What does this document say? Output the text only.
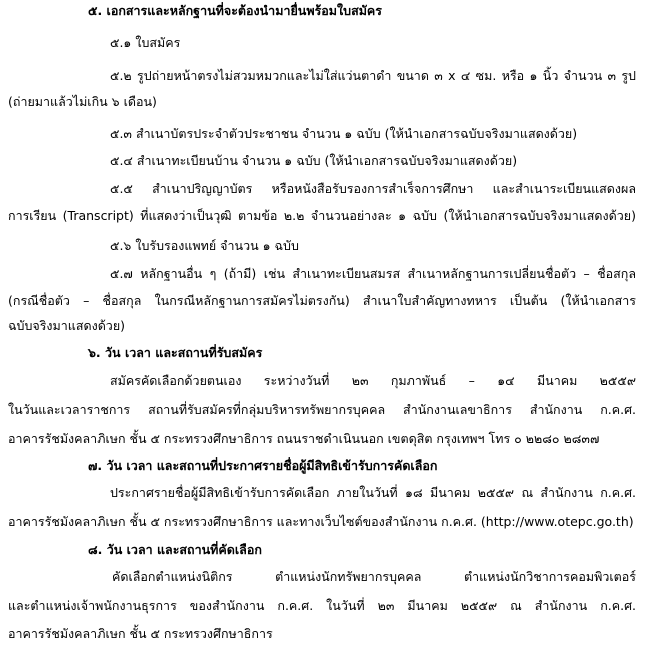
๕. เอกสารและหลักฐานที่จะต้องนำมายื่นพร้อมใบสมัคร
๕.๑ ใบสมัคร
๕.๒ รูปถ่ายหน้าตรงไม่สวมหมวกและไม่ใส่แว่นตาดำ ขนาด ๓ x ๔ ซม. หรือ ๑ นิ้ว จำนวน ๓ รูป
(ถ่ายมาแล้วไม่เกิน ๖ เดือน)
๕.๓ สำเนาบัตรประจำตัวประชาชน จำนวน ๑ ฉบับ (ให้นำเอกสารฉบับจริงมาแสดงด้วย)
๕.๔ สำเนาทะเบียนบ้าน จำนวน ๑ ฉบับ (ให้นำเอกสารฉบับจริงมาแสดงด้วย)
๕.๕ สำเนาปริญญาบัตร หรือหนังสือรับรองการสำเร็จการศึกษา และสำเนาระเบียนแสดงผล
การเรียน (Transcript) ที่แสดงว่าเป็นวุฒิ ตามข้อ ๒.๒ จำนวนอย่างละ ๑ ฉบับ (ให้นำเอกสารฉบับจริงมาแสดงด้วย)
๕.๖ ใบรับรองแพทย์ จำนวน ๑ ฉบับ
๕.๗ หลักฐานอื่น ๆ (ถ้ามี) เช่น สำเนาทะเบียนสมรส สำเนาหลักฐานการเปลี่ยนชื่อตัว – ชื่อสกุล
(กรณีชื่อตัว – ชื่อสกุล ในกรณีหลักฐานการสมัครไม่ตรงกัน) สำเนาใบสำคัญทางทหาร เป็นต้น (ให้นำเอกสาร
ฉบับจริงมาแสดงด้วย)
๖. วัน เวลา และสถานที่รับสมัคร
สมัครคัดเลือกด้วยตนเอง ระหว่างวันที่ ๒๓ กุมภาพันธ์ – ๑๔ มีนาคม ๒๕๕๙
ในวันและเวลาราชการ สถานที่รับสมัครที่กลุ่มบริหารทรัพยากรบุคคล สำนักงานเลขาธิการ สำนักงาน ก.ค.ศ.
อาคารรัชมังคลาภิเษก ชั้น ๕ กระทรวงศึกษาธิการ ถนนราชดำเนินนอก เขตดุสิต กรุงเทพฯ โทร ๐ ๒๒๘๐ ๒๘๓๗
๗. วัน เวลา และสถานที่ประกาศรายชื่อผู้มีสิทธิเข้ารับการคัดเลือก
ประกาศรายชื่อผู้มีสิทธิเข้ารับการคัดเลือก ภายในวันที่ ๑๘ มีนาคม ๒๕๕๙ ณ สำนักงาน ก.ค.ศ.
อาคารรัชมังคลาภิเษก ชั้น ๕ กระทรวงศึกษาธิการ และทางเว็บไซต์ของสำนักงาน ก.ค.ศ. (http://www.otepc.go.th)
๘. วัน เวลา และสถานที่คัดเลือก
คัดเลือกตำแหน่งนิติกร ตำแหน่งนักทรัพยากรบุคคล ตำแหน่งนักวิชาการคอมพิวเตอร์
และตำแหน่งเจ้าพนักงานธุรการ ของสำนักงาน ก.ค.ศ. ในวันที่ ๒๓ มีนาคม ๒๕๕๙ ณ สำนักงาน ก.ค.ศ.
อาคารรัชมังคลาภิเษก ชั้น ๕ กระทรวงศึกษาธิการ
